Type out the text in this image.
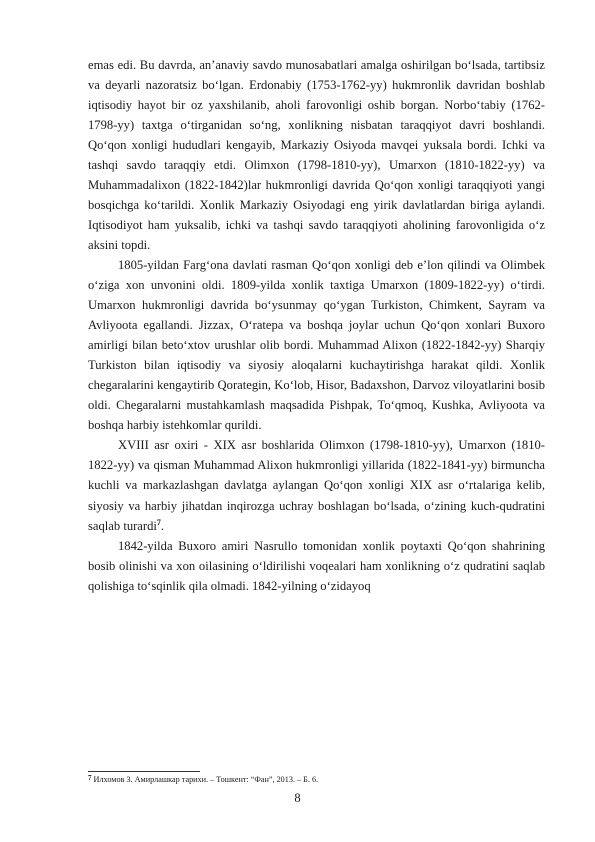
emas edi. Bu davrda, anʼanaviy savdo munosabatlari amalga oshirilgan boʻlsada, tartibsiz va deyarli nazoratsiz boʻlgan. Erdonabiy (1753-1762-yy) hukmronlik davridan boshlab iqtisodiy hayot bir oz yaxshilanib, aholi farovonligi oshib borgan. Norboʻtabiy (1762-1798-yy) taxtga oʻtirganidan soʻng, xonlikning nisbatan taraqqiyot davri boshlandi. Qoʻqon xonligi hududlari kengayib, Markaziy Osiyoda mavqei yuksala bordi. Ichki va tashqi savdo taraqqiy etdi. Olimxon (1798-1810-yy), Umarxon (1810-1822-yy) va Muhammadalixon (1822-1842)lar hukmronligi davrida Qoʻqon xonligi taraqqiyoti yangi bosqichga koʻtarildi. Xonlik Markaziy Osiyodagi eng yirik davlatlardan biriga aylandi. Iqtisodiyot ham yuksalib, ichki va tashqi savdo taraqqiyoti aholining farovonligida oʻz aksini topdi.

1805-yildan Fargʻona davlati rasman Qoʻqon xonligi deb e’lon qilindi va Olimbek oʻziga xon unvonini oldi. 1809-yilda xonlik taxtiga Umarxon (1809-1822-yy) oʻtirdi. Umarxon hukmronligi davrida boʻysunmay qoʻygan Turkiston, Chimkent, Sayram va Avliyoota egallandi. Jizzax, Oʻratepa va boshqa joylar uchun Qoʻqon xonlari Buxoro amirligi bilan betoʻxtov urushlar olib bordi. Muhammad Alixon (1822-1842-yy) Sharqiy Turkiston bilan iqtisodiy va siyosiy aloqalarni kuchaytirishga harakat qildi. Xonlik chegaralarini kengaytirib Qorategin, Koʻlob, Hisor, Badaxshon, Darvoz viloyatlarini bosib oldi. Chegaralarni mustahkamlash maqsadida Pishpak, Toʻqmoq, Kushka, Avliyoota va boshqa harbiy istehkomlar qurildi.

XVIII asr oxiri - XIX asr boshlarida Olimxon (1798-1810-yy), Umarxon (1810-1822-yy) va qisman Muhammad Alixon hukmronligi yillarida (1822-1841-yy) birmuncha kuchli va markazlashgan davlatga aylangan Qoʻqon xonligi XIX asr oʻrtalariga kelib, siyosiy va harbiy jihatdan inqirozga uchray boshlagan boʻlsada, oʻzining kuch-qudratini saqlab turardi$^7$.

1842-yilda Buxoro amiri Nasrullo tomonidan xonlik poytaxti Qoʻqon shahrining bosib olinishi va xon oilasining oʻldirilishi voqealari ham xonlikning oʻz qudratini saqlab qolishiga toʻsqinlik qila olmadi. 1842-yilning oʻzidayoq

$^7$ Илхомов З. Амирлашкар тарихи. – Тошкент: “Фан”, 2013. – Б. 6.
8
